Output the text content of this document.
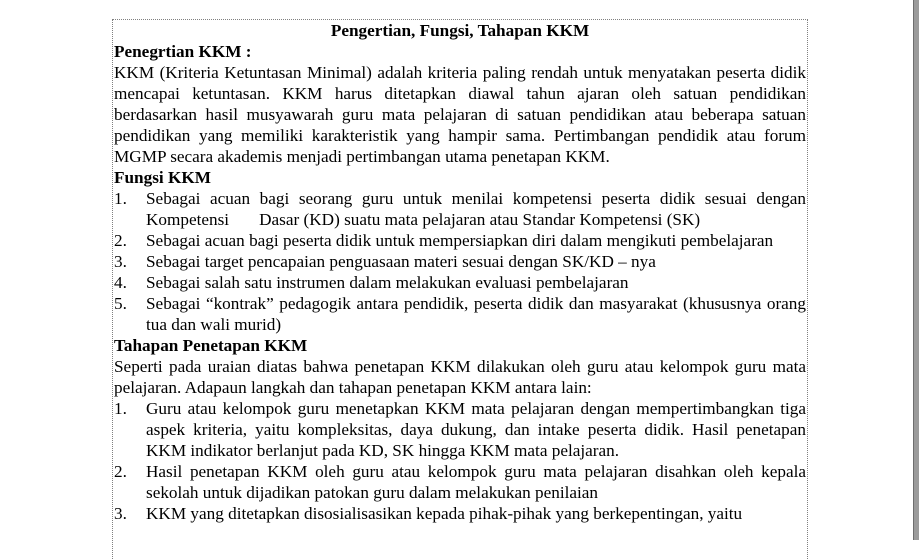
Pengertian, Fungsi, Tahapan KKM

Penegrtian KKM :

KKM (Kriteria Ketuntasan Minimal) adalah kriteria paling rendah untuk menyatakan peserta didik mencapai ketuntasan. KKM harus ditetapkan diawal tahun ajaran oleh satuan pendidikan berdasarkan hasil musyawarah guru mata pelajaran di satuan pendidikan atau beberapa satuan pendidikan yang memiliki karakteristik yang hampir sama. Pertimbangan pendidik atau forum MGMP secara akademis menjadi pertimbangan utama penetapan KKM.

Fungsi KKM

1. Sebagai acuan bagi seorang guru untuk menilai kompetensi peserta didik sesuai dengan Kompetensi       Dasar (KD) suatu mata pelajaran atau Standar Kompetensi (SK)
2. Sebagai acuan bagi peserta didik untuk mempersiapkan diri dalam mengikuti pembelajaran
3. Sebagai target pencapaian penguasaan materi sesuai dengan SK/KD – nya
4. Sebagai salah satu instrumen dalam melakukan evaluasi pembelajaran
5. Sebagai “kontrak” pedagogik antara pendidik, peserta didik dan masyarakat (khususnya orang tua dan wali murid)

Tahapan Penetapan KKM

Seperti pada uraian diatas bahwa penetapan KKM dilakukan oleh guru atau kelompok guru mata pelajaran. Adapaun langkah dan tahapan penetapan KKM antara lain:

1. Guru atau kelompok guru menetapkan KKM mata pelajaran dengan mempertimbangkan tiga aspek kriteria, yaitu kompleksitas, daya dukung, dan intake peserta didik. Hasil penetapan KKM indikator berlanjut pada KD, SK hingga KKM mata pelajaran.
2. Hasil penetapan KKM oleh guru atau kelompok guru mata pelajaran disahkan oleh kepala sekolah untuk dijadikan patokan guru dalam melakukan penilaian
3. KKM yang ditetapkan disosialisasikan kepada pihak-pihak yang berkepentingan, yaitu
